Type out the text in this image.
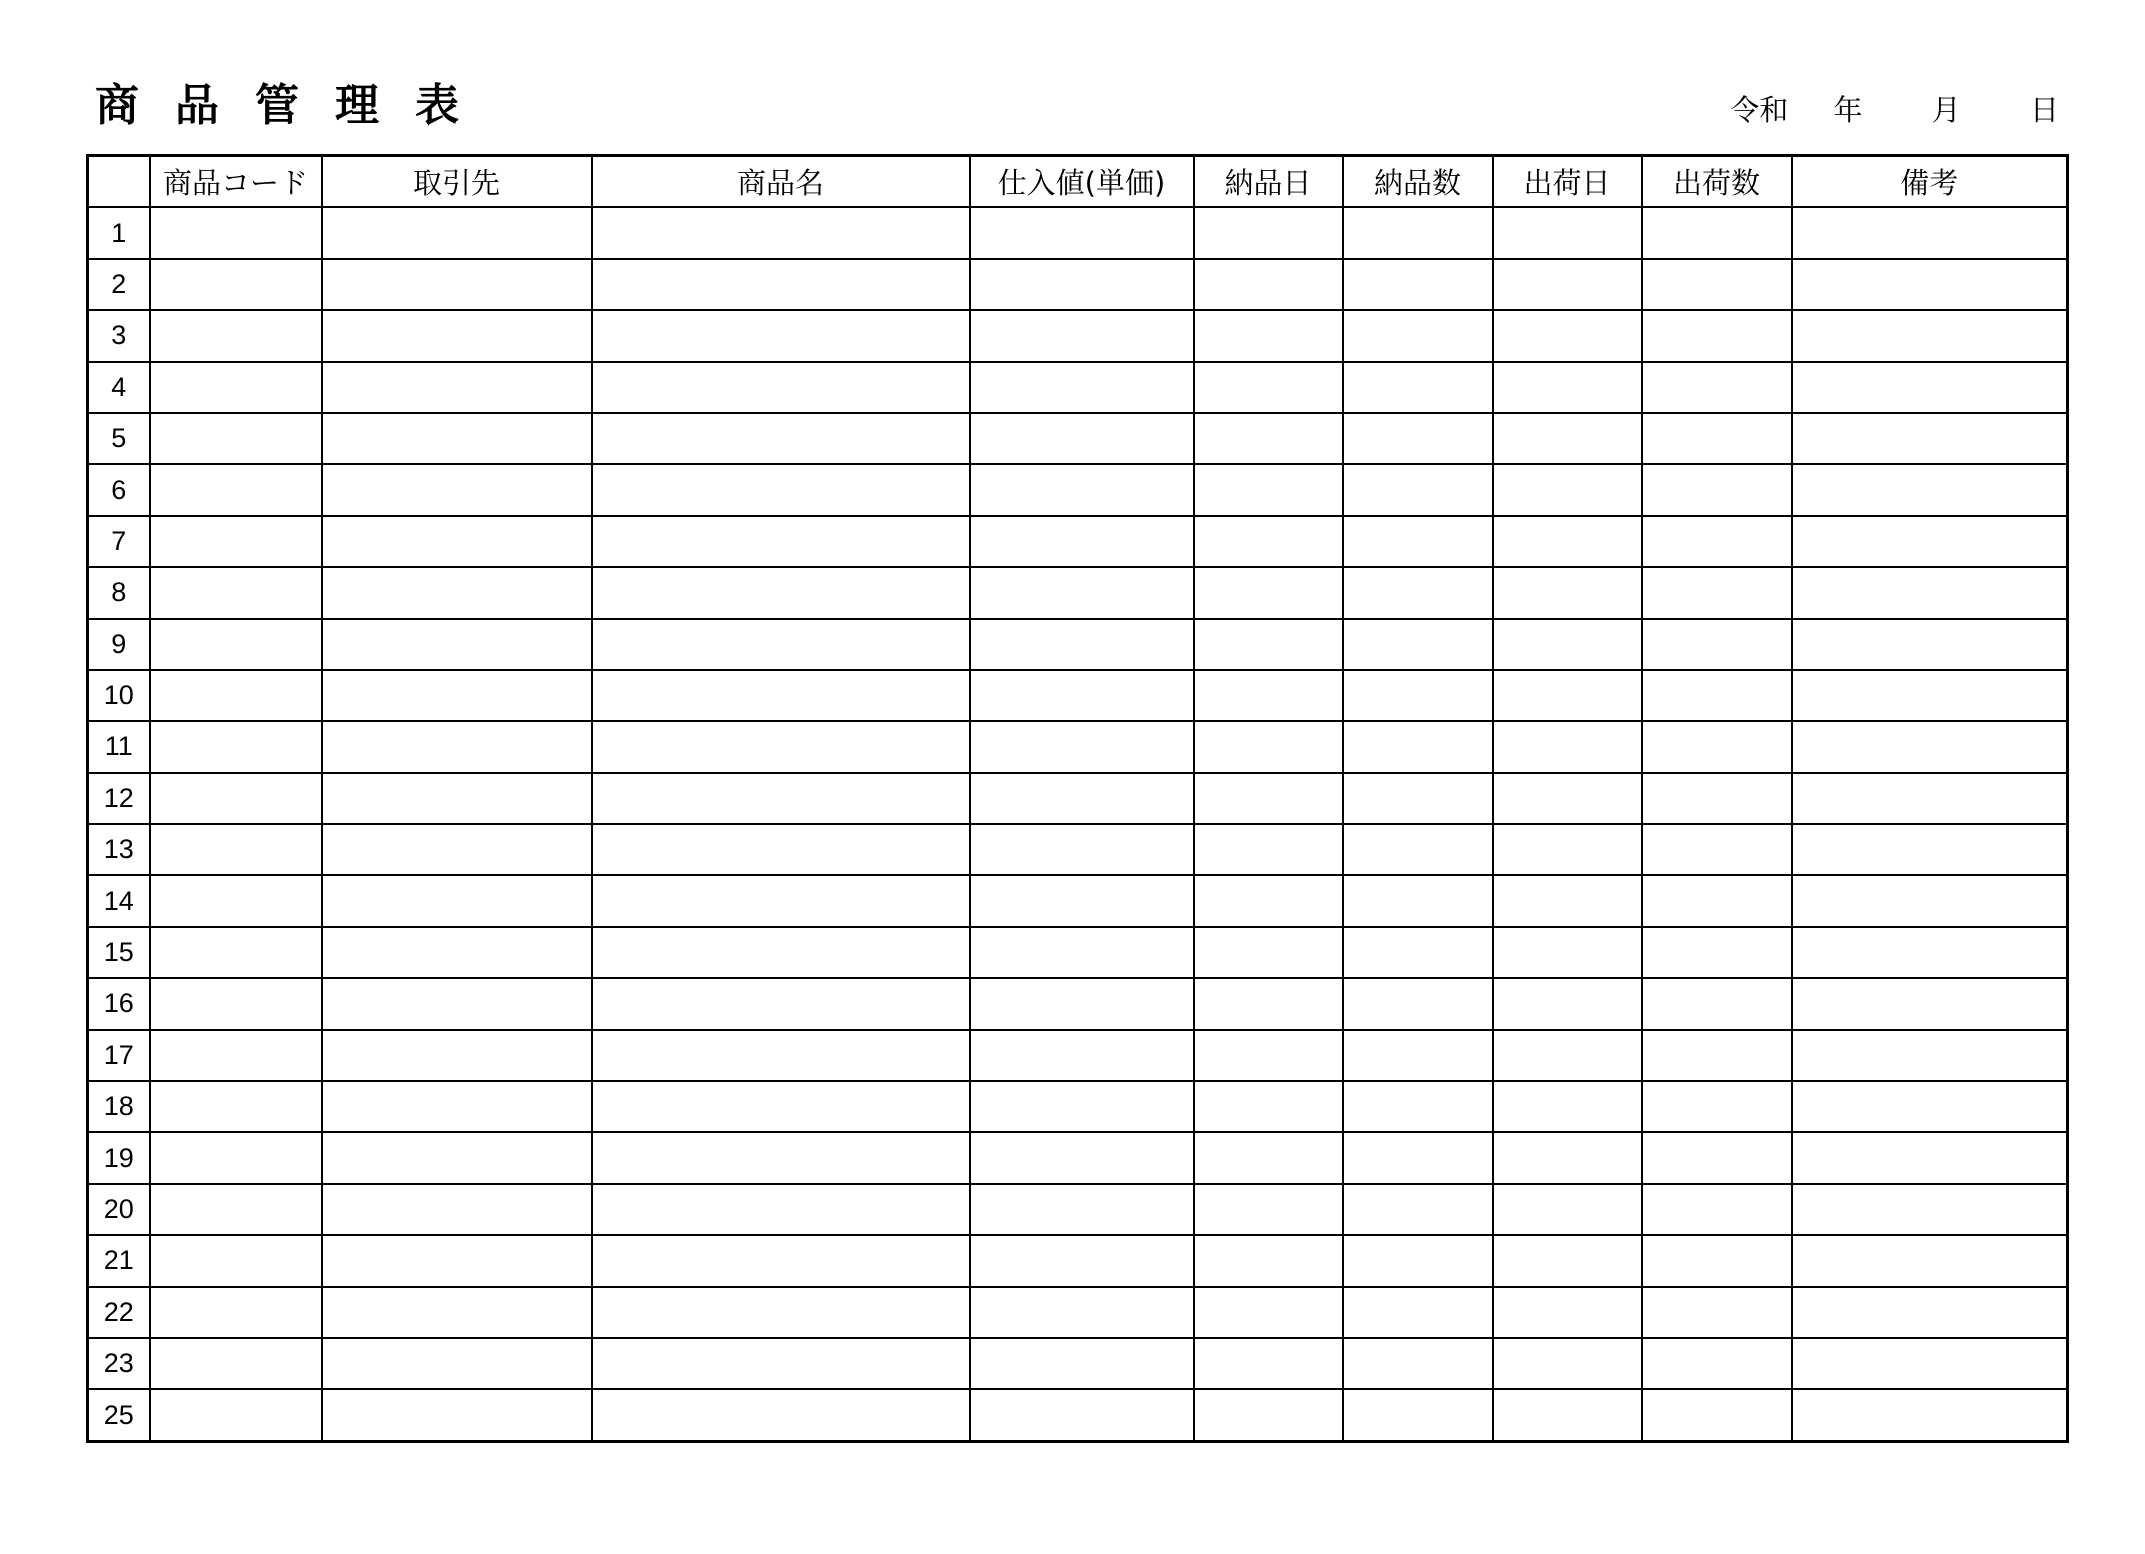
商品管理表	令和 年 月 日
	商品コード	取引先	商品名	仕入値(単価)	納品日	納品数	出荷日	出荷数	備考
1									
2									
3									
4									
5									
6									
7									
8									
9									
10									
11									
12									
13									
14									
15									
16									
17									
18									
19									
20									
21									
22									
23									
25									
